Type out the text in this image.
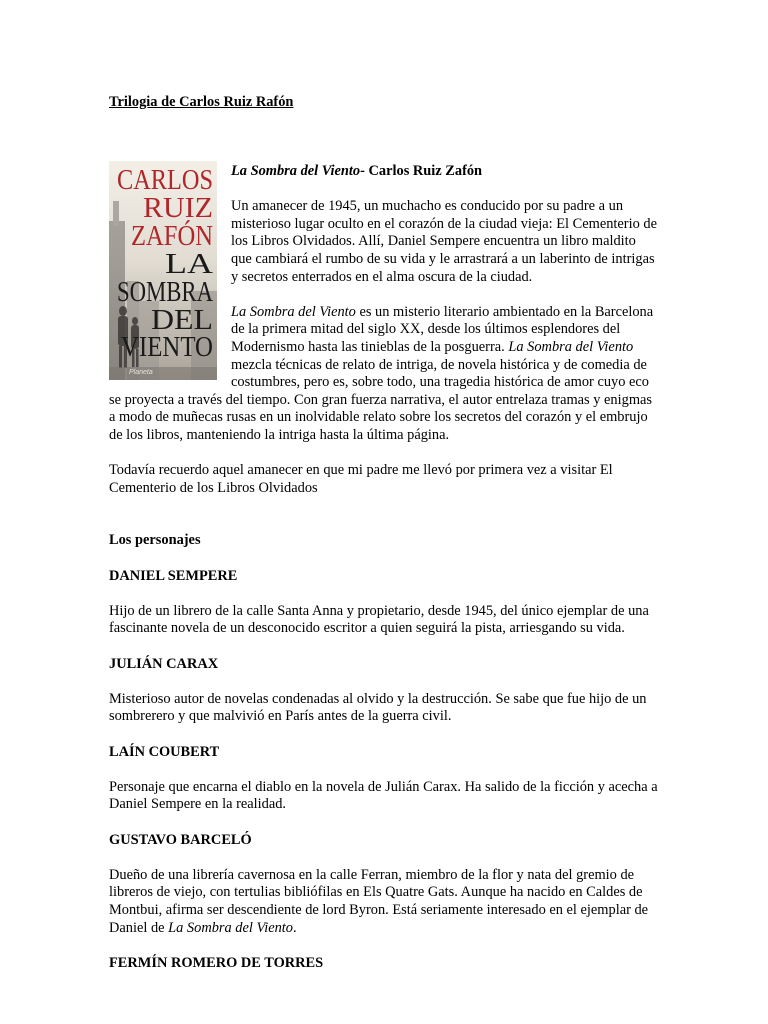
Trilogia de Carlos Ruiz Rafón
CARLOS
RUIZ
ZAFÓN
LA
SOMBRA
DEL
VIENTO
Planeta

La Sombra del Viento- Carlos Ruiz Zafón

Un amanecer de 1945, un muchacho es conducido por su padre a un misterioso lugar oculto en el corazón de la ciudad vieja: El Cementerio de los Libros Olvidados. Allí, Daniel Sempere encuentra un libro maldito que cambiará el rumbo de su vida y le arrastrará a un laberinto de intrigas y secretos enterrados en el alma oscura de la ciudad.

La Sombra del Viento es un misterio literario ambientado en la Barcelona de la primera mitad del siglo XX, desde los últimos esplendores del Modernismo hasta las tinieblas de la posguerra. La Sombra del Viento mezcla técnicas de relato de intriga, de novela histórica y de comedia de costumbres, pero es, sobre todo, una tragedia histórica de amor cuyo eco se proyecta a través del tiempo. Con gran fuerza narrativa, el autor entrelaza tramas y enigmas a modo de muñecas rusas en un inolvidable relato sobre los secretos del corazón y el embrujo de los libros, manteniendo la intriga hasta la última página.

Todavía recuerdo aquel amanecer en que mi padre me llevó por primera vez a visitar El Cementerio de los Libros Olvidados

Los personajes

DANIEL SEMPERE

Hijo de un librero de la calle Santa Anna y propietario, desde 1945, del único ejemplar de una fascinante novela de un desconocido escritor a quien seguirá la pista, arriesgando su vida.

JULIÁN CARAX

Misterioso autor de novelas condenadas al olvido y la destrucción. Se sabe que fue hijo de un sombrerero y que malvivió en París antes de la guerra civil.

LAÍN COUBERT

Personaje que encarna el diablo en la novela de Julián Carax. Ha salido de la ficción y acecha a Daniel Sempere en la realidad.

GUSTAVO BARCELÓ

Dueño de una librería cavernosa en la calle Ferran, miembro de la flor y nata del gremio de libreros de viejo, con tertulias bibliófilas en Els Quatre Gats. Aunque ha nacido en Caldes de Montbui, afirma ser descendiente de lord Byron. Está seriamente interesado en el ejemplar de Daniel de La Sombra del Viento.

FERMÍN ROMERO DE TORRES
